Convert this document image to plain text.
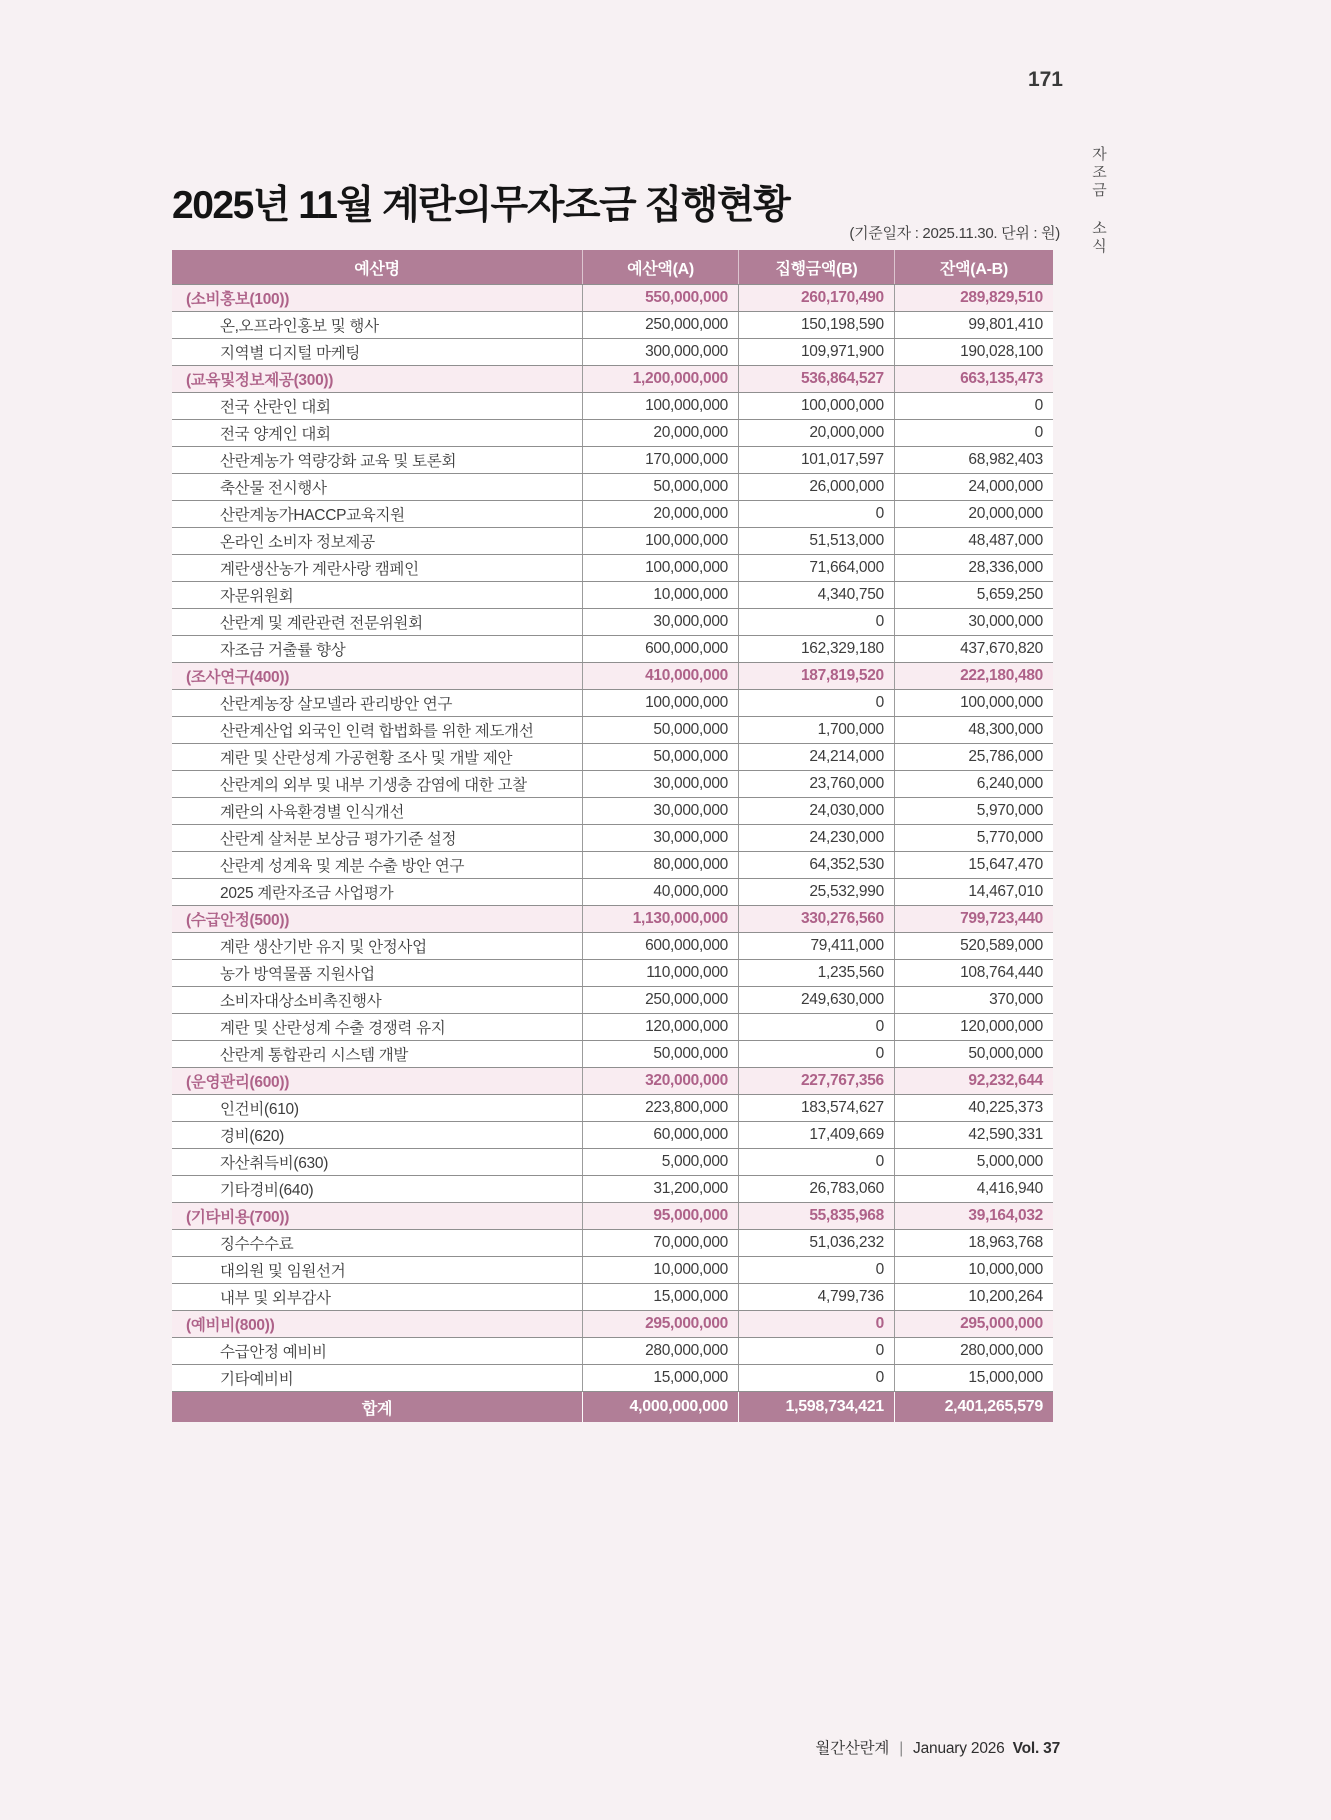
171
자조금 소식
2025년 11월 계란의무자조금 집행현황
(기준일자 : 2025.11.30. 단위 : 원)
예산명	예산액(A)	집행금액(B)	잔액(A-B)
(소비홍보(100))	550,000,000	260,170,490	289,829,510
온,오프라인홍보 및 행사	250,000,000	150,198,590	99,801,410
지역별 디지털 마케팅	300,000,000	109,971,900	190,028,100
(교육및정보제공(300))	1,200,000,000	536,864,527	663,135,473
전국 산란인 대회	100,000,000	100,000,000	0
전국 양계인 대회	20,000,000	20,000,000	0
산란계농가 역량강화 교육 및 토론회	170,000,000	101,017,597	68,982,403
축산물 전시행사	50,000,000	26,000,000	24,000,000
산란계농가HACCP교육지원	20,000,000	0	20,000,000
온라인 소비자 정보제공	100,000,000	51,513,000	48,487,000
계란생산농가 계란사랑 캠페인	100,000,000	71,664,000	28,336,000
자문위원회	10,000,000	4,340,750	5,659,250
산란계 및 계란관련 전문위원회	30,000,000	0	30,000,000
자조금 거출률 향상	600,000,000	162,329,180	437,670,820
(조사연구(400))	410,000,000	187,819,520	222,180,480
산란계농장 살모넬라 관리방안 연구	100,000,000	0	100,000,000
산란계산업 외국인 인력 합법화를 위한 제도개선	50,000,000	1,700,000	48,300,000
계란 및 산란성계 가공현황 조사 및 개발 제안	50,000,000	24,214,000	25,786,000
산란계의 외부 및 내부 기생충 감염에 대한 고찰	30,000,000	23,760,000	6,240,000
계란의 사육환경별 인식개선	30,000,000	24,030,000	5,970,000
산란계 살처분 보상금 평가기준 설정	30,000,000	24,230,000	5,770,000
산란계 성계육 및 계분 수출 방안 연구	80,000,000	64,352,530	15,647,470
2025 계란자조금 사업평가	40,000,000	25,532,990	14,467,010
(수급안정(500))	1,130,000,000	330,276,560	799,723,440
계란 생산기반 유지 및 안정사업	600,000,000	79,411,000	520,589,000
농가 방역물품 지원사업	110,000,000	1,235,560	108,764,440
소비자대상소비촉진행사	250,000,000	249,630,000	370,000
계란 및 산란성계 수출 경쟁력 유지	120,000,000	0	120,000,000
산란계 통합관리 시스템 개발	50,000,000	0	50,000,000
(운영관리(600))	320,000,000	227,767,356	92,232,644
인건비(610)	223,800,000	183,574,627	40,225,373
경비(620)	60,000,000	17,409,669	42,590,331
자산취득비(630)	5,000,000	0	5,000,000
기타경비(640)	31,200,000	26,783,060	4,416,940
(기타비용(700))	95,000,000	55,835,968	39,164,032
징수수수료	70,000,000	51,036,232	18,963,768
대의원 및 임원선거	10,000,000	0	10,000,000
내부 및 외부감사	15,000,000	4,799,736	10,200,264
(예비비(800))	295,000,000	0	295,000,000
수급안정 예비비	280,000,000	0	280,000,000
기타예비비	15,000,000	0	15,000,000
합계	4,000,000,000	1,598,734,421	2,401,265,579
월간산란계 | January 2026 Vol. 37
